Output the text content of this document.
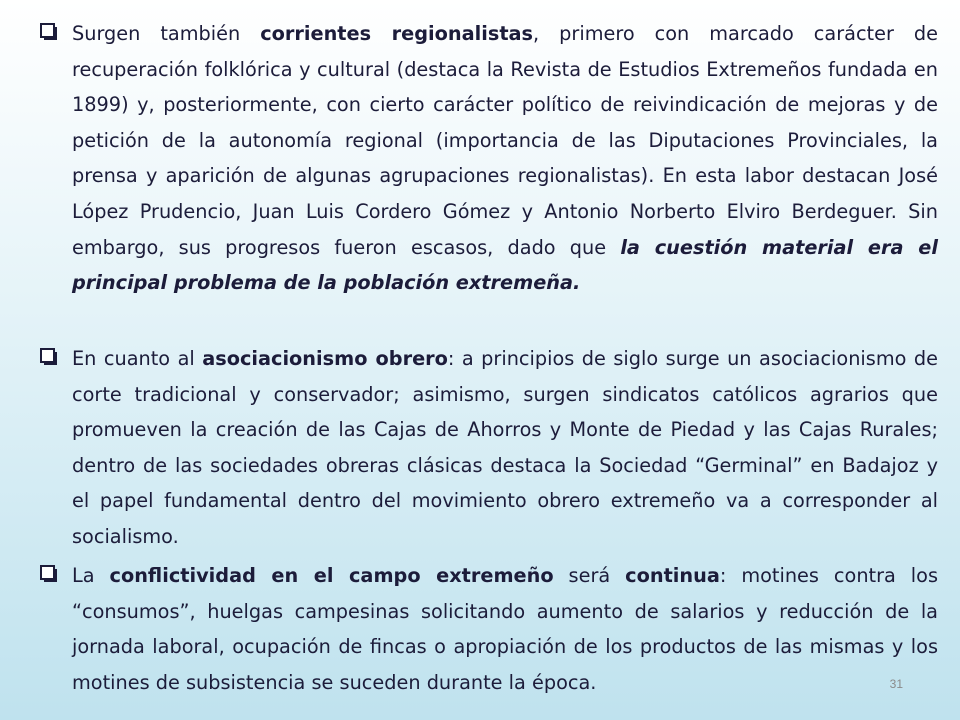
Surgen también corrientes regionalistas, primero con marcado carácter de recuperación folklórica y cultural (destaca la Revista de Estudios Extremeños fundada en 1899) y, posteriormente, con cierto carácter político de reivindicación de mejoras y de petición de la autonomía regional (importancia de las Diputaciones Provinciales, la prensa y aparición de algunas agrupaciones regionalistas). En esta labor destacan José López Prudencio, Juan Luis Cordero Gómez y Antonio Norberto Elviro Berdeguer. Sin embargo, sus progresos fueron escasos, dado que la cuestión material era el principal problema de la población extremeña.
En cuanto al asociacionismo obrero: a principios de siglo surge un asociacionismo de corte tradicional y conservador; asimismo, surgen sindicatos católicos agrarios que promueven la creación de las Cajas de Ahorros y Monte de Piedad y las Cajas Rurales; dentro de las sociedades obreras clásicas destaca la Sociedad “Germinal” en Badajoz y el papel fundamental dentro del movimiento obrero extremeño va a corresponder al socialismo.
La conflictividad en el campo extremeño será continua: motines contra los “consumos”, huelgas campesinas solicitando aumento de salarios y reducción de la jornada laboral, ocupación de fincas o apropiación de los productos de las mismas y los motines de subsistencia se suceden durante la época.	31
